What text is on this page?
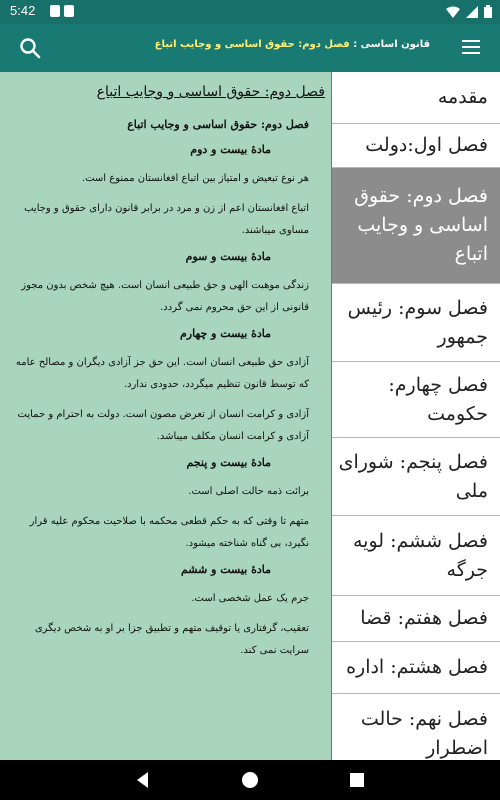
5:42
قانون اساسی : فصل دوم: حقوق اساسی و وجایب اتباع
فصل دوم: حقوق اساسی و وجایب اتباع
فصل دوم: حقوق اساسی و وجایب اتباع
مادهٔ بیست و دوم
هر نوع تبعیض و امتیاز بین اتباع افغانستان ممنوع است.
اتباع افغانستان اعم از زن و مرد در برابر قانون دارای حقوق و وجایب مساوی میباشند.
مادهٔ بیست و سوم
زندگی موهبت الهی و حق طبیعی انسان است. هیچ شخص بدون مجوز قانونی از این حق محروم نمی گردد.
مادهٔ بیست و چهارم
آزادی حق طبیعی انسان است. این حق جز آزادی دیگران و مصالح عامه که توسط قانون تنظیم میگردد، حدودی ندارد.
آزادی و کرامت انسان از تعرض مصون است. دولت به احترام و حمایت آزادی و کرامت انسان مکلف میباشد.
مادهٔ بیست و پنجم
برائت ذمه حالت اصلی است.
متهم تا وقتی که به حکم قطعی محکمه با صلاحیت محکوم علیه قرار نگیرد، بی گناه شناخته میشود.
مادهٔ بیست و ششم
جرم یک عمل شخصی است.
تعقیب، گرفتاری یا توقیف متهم و تطبیق جزا بر او به شخص دیگری سرایت نمی کند.
مقدمه
فصل اول:دولت
فصل دوم: حقوق اساسی و وجایب اتباع
فصل سوم: رئیس جمهور
فصل چهارم: حکومت
فصل پنجم: شورای ملی
فصل ششم: لویه جرگه
فصل هفتم: قضا
فصل هشتم: اداره
فصل نهم: حالت اضطرار
